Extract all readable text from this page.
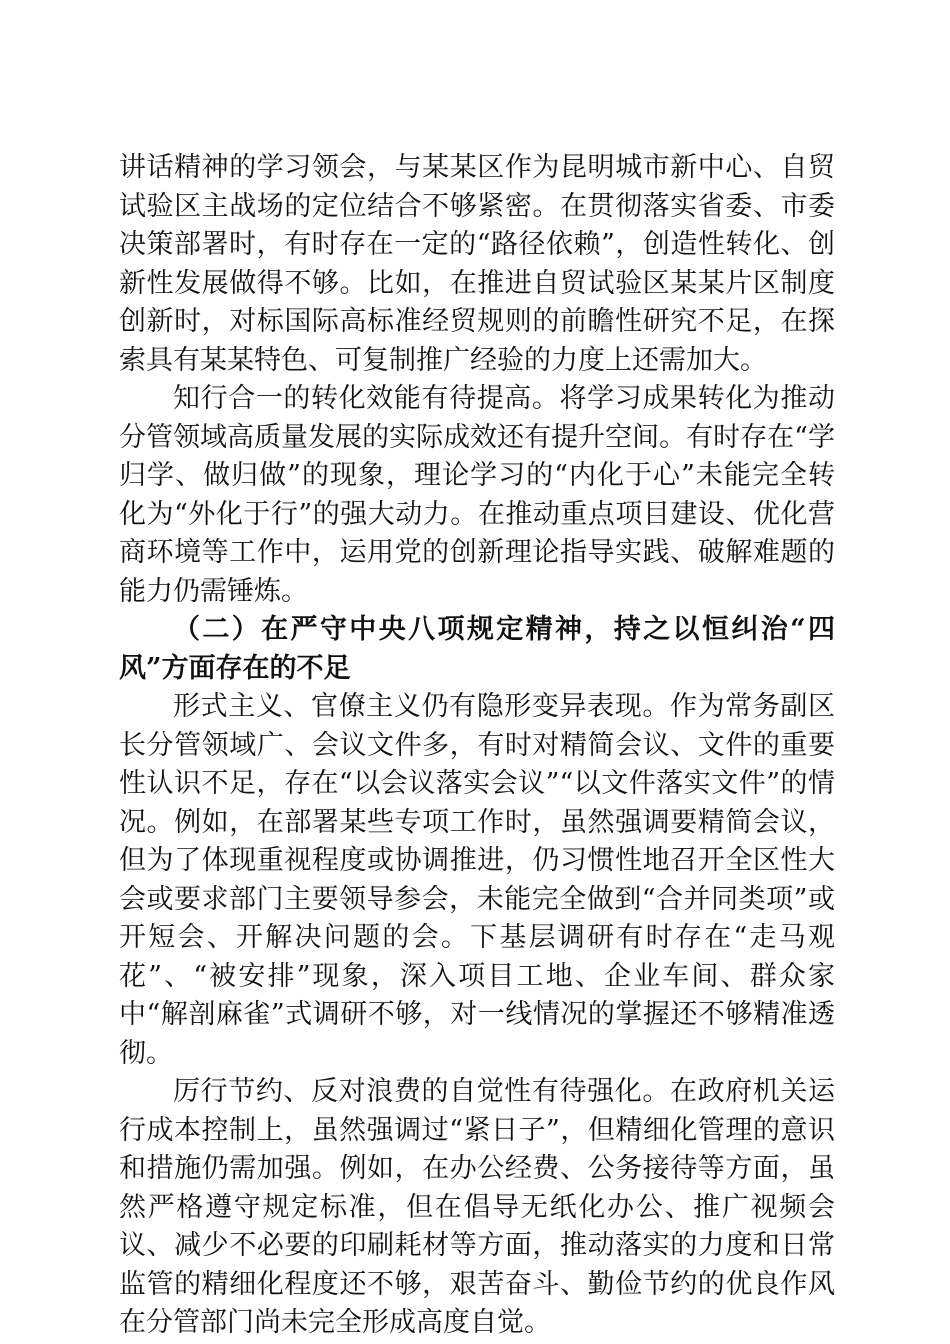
讲话精神的学习领会，与某某区作为昆明城市新中心、自贸试验区主战场的定位结合不够紧密。在贯彻落实省委、市委决策部署时，有时存在一定的“路径依赖”，创造性转化、创新性发展做得不够。比如，在推进自贸试验区某某片区制度创新时，对标国际高标准经贸规则的前瞻性研究不足，在探索具有某某特色、可复制推广经验的力度上还需加大。

知行合一的转化效能有待提高。将学习成果转化为推动分管领域高质量发展的实际成效还有提升空间。有时存在“学归学、做归做”的现象，理论学习的“内化于心”未能完全转化为“外化于行”的强大动力。在推动重点项目建设、优化营商环境等工作中，运用党的创新理论指导实践、破解难题的能力仍需锤炼。

（二）在严守中央八项规定精神，持之以恒纠治“四风”方面存在的不足

形式主义、官僚主义仍有隐形变异表现。作为常务副区长分管领域广、会议文件多，有时对精简会议、文件的重要性认识不足，存在“以会议落实会议”“以文件落实文件”的情况。例如，在部署某些专项工作时，虽然强调要精简会议，但为了体现重视程度或协调推进，仍习惯性地召开全区性大会或要求部门主要领导参会，未能完全做到“合并同类项”或开短会、开解决问题的会。下基层调研有时存在“走马观花”、“被安排”现象，深入项目工地、企业车间、群众家中“解剖麻雀”式调研不够，对一线情况的掌握还不够精准透彻。

厉行节约、反对浪费的自觉性有待强化。在政府机关运行成本控制上，虽然强调过“紧日子”，但精细化管理的意识和措施仍需加强。例如，在办公经费、公务接待等方面，虽然严格遵守规定标准，但在倡导无纸化办公、推广视频会议、减少不必要的印刷耗材等方面，推动落实的力度和日常监管的精细化程度还不够，艰苦奋斗、勤俭节约的优良作风在分管部门尚未完全形成高度自觉。
